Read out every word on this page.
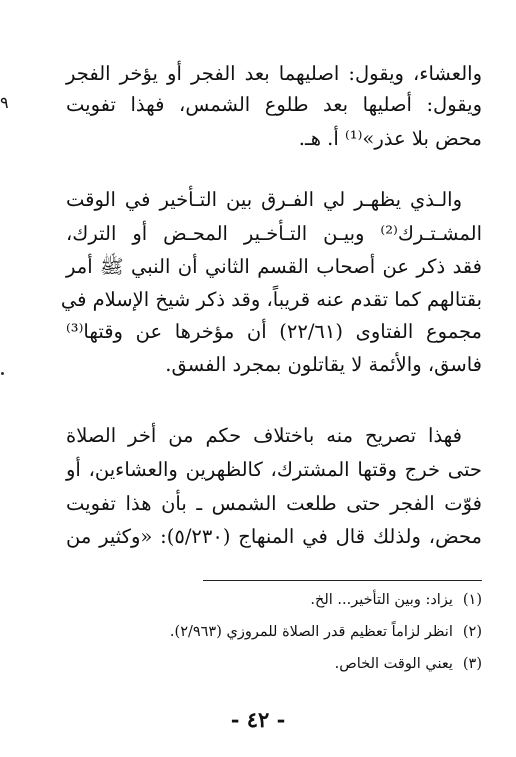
٩
والعشاء، ويقول: اصليهما بعد الفجر أو يؤخر الفجر
ويقول: أصليها بعد طلوع الشمس، فهذا تفويت
محض بلا عذر»⁽¹⁾ أ. هـ.
والـذي يظهـر لي الفـرق بين التـأخير في الوقت
المشـتـرك⁽²⁾ وبيـن التـأخـير المحـض أو الترك،
فقد ذكر عن أصحاب القسم الثاني أن النبي ﷺ أمر
بقتالهم كما تقدم عنه قريباً، وقد ذكر شيخ الإسلام في
مجموع الفتاوى (٢٢/٦١) أن مؤخرها عن وقتها⁽³⁾
فاسق، والأئمة لا يقاتلون بمجرد الفسق.
فهذا تصريح منه باختلاف حكم من أخر الصلاة
حتى خرج وقتها المشترك، كالظهرين والعشاءين، أو
فوّت الفجر حتى طلعت الشمس ـ بأن هذا تفويت
محض، ولذلك قال في المنهاج (٥/٢٣٠): «وكثير من
(١)يزاد: وبين التأخير... الخ.
(٢)انظر لزاماً تعظيم قدر الصلاة للمروزي (٢/٩٦٣).
(٣)يعني الوقت الخاص.
- ٤٢ -
